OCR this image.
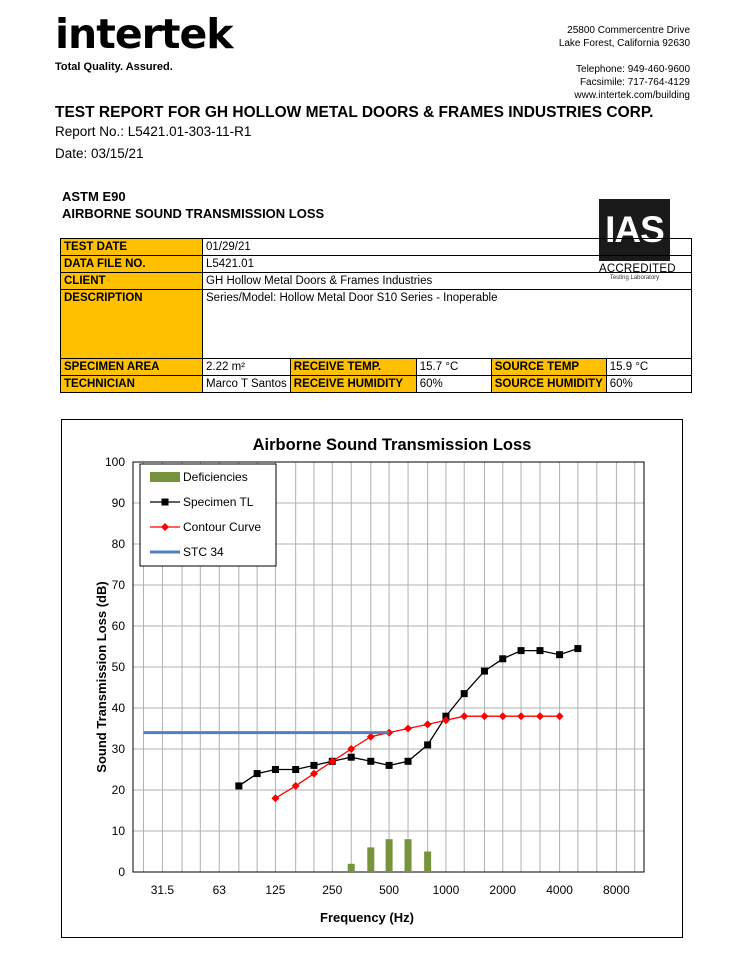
intertek
Total Quality. Assured.
25800 Commercentre Drive
Lake Forest, California 92630
Telephone: 949-460-9600
Facsimile: 717-764-4129
www.intertek.com/building
TEST REPORT FOR GH HOLLOW METAL DOORS & FRAMES INDUSTRIES CORP.
Report No.: L5421.01-303-11-R1
Date: 03/15/21
ASTM E90
AIRBORNE SOUND TRANSMISSION LOSS	IAS
ACCREDITED
Testing Laboratory
TEST DATE	01/29/21				
DATA FILE NO.	L5421.01				
CLIENT	GH Hollow Metal Doors & Frames Industries				
DESCRIPTION	Series/Model: Hollow Metal Door S10 Series - Inoperable				
SPECIMEN AREA	2.22 m²	RECEIVE TEMP.	15.7 °C	SOURCE TEMP	15.9 °C
TECHNICIAN	Marco T Santos	RECEIVE HUMIDITY	60%	SOURCE HUMIDITY	60%
Airborne Sound Transmission Loss
Frequency (Hz)
Sound Transmission Loss (dB)
0
10
20
30
40
50
60
70
80
90
100
31.5	63	125	250	500	1000	2000	4000	8000
Deficiencies
Specimen TL
Contour Curve
STC 34
